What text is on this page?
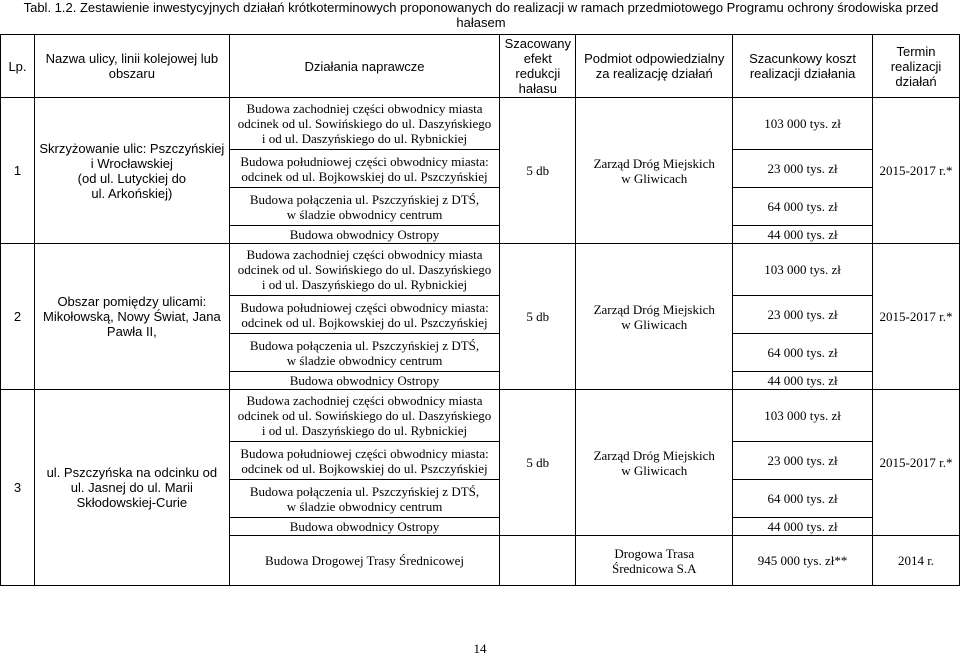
Tabl. 1.2. Zestawienie inwestycyjnych działań krótkoterminowych proponowanych do realizacji w ramach przedmiotowego Programu ochrony środowiska przed hałasem
Lp.	Nazwa ulicy, linii kolejowej lub obszaru	Działania naprawcze	Szacowany efekt redukcji hałasu	Podmiot odpowiedzialny za realizację działań	Szacunkowy koszt realizacji działania	Termin realizacji działań
1	Skrzyżowanie ulic: Pszczyńskiej
i Wrocławskiej
(od ul. Lutyckiej do
ul. Arkońskiej)	Budowa zachodniej części obwodnicy miasta
odcinek od ul. Sowińskiego do ul. Daszyńskiego
i od ul. Daszyńskiego do ul. Rybnickiej	5 db	Zarząd Dróg Miejskich
w Gliwicach	103 000 tys. zł	2015-2017 r.*
		Budowa południowej części obwodnicy miasta:
odcinek od ul. Bojkowskiej do ul. Pszczyńskiej			23 000 tys. zł	
		Budowa połączenia ul. Pszczyńskiej z DTŚ,
w śladzie obwodnicy centrum			64 000 tys. zł	
		Budowa obwodnicy Ostropy			44 000 tys. zł	
2	Obszar pomiędzy ulicami:
Mikołowską, Nowy Świat, Jana
Pawła II,	Budowa zachodniej części obwodnicy miasta
odcinek od ul. Sowińskiego do ul. Daszyńskiego
i od ul. Daszyńskiego do ul. Rybnickiej	5 db	Zarząd Dróg Miejskich
w Gliwicach	103 000 tys. zł	2015-2017 r.*
		Budowa południowej części obwodnicy miasta:
odcinek od ul. Bojkowskiej do ul. Pszczyńskiej			23 000 tys. zł	
		Budowa połączenia ul. Pszczyńskiej z DTŚ,
w śladzie obwodnicy centrum			64 000 tys. zł	
		Budowa obwodnicy Ostropy			44 000 tys. zł	
3	ul. Pszczyńska na odcinku od
ul. Jasnej do ul. Marii
Skłodowskiej-Curie	Budowa zachodniej części obwodnicy miasta
odcinek od ul. Sowińskiego do ul. Daszyńskiego
i od ul. Daszyńskiego do ul. Rybnickiej	5 db	Zarząd Dróg Miejskich
w Gliwicach	103 000 tys. zł	2015-2017 r.*
		Budowa południowej części obwodnicy miasta:
odcinek od ul. Bojkowskiej do ul. Pszczyńskiej			23 000 tys. zł	
		Budowa połączenia ul. Pszczyńskiej z DTŚ,
w śladzie obwodnicy centrum			64 000 tys. zł	
		Budowa obwodnicy Ostropy			44 000 tys. zł	
		Budowa Drogowej Trasy Średnicowej		Drogowa Trasa
Średnicowa S.A	945 000 tys. zł**	2014 r.
14
